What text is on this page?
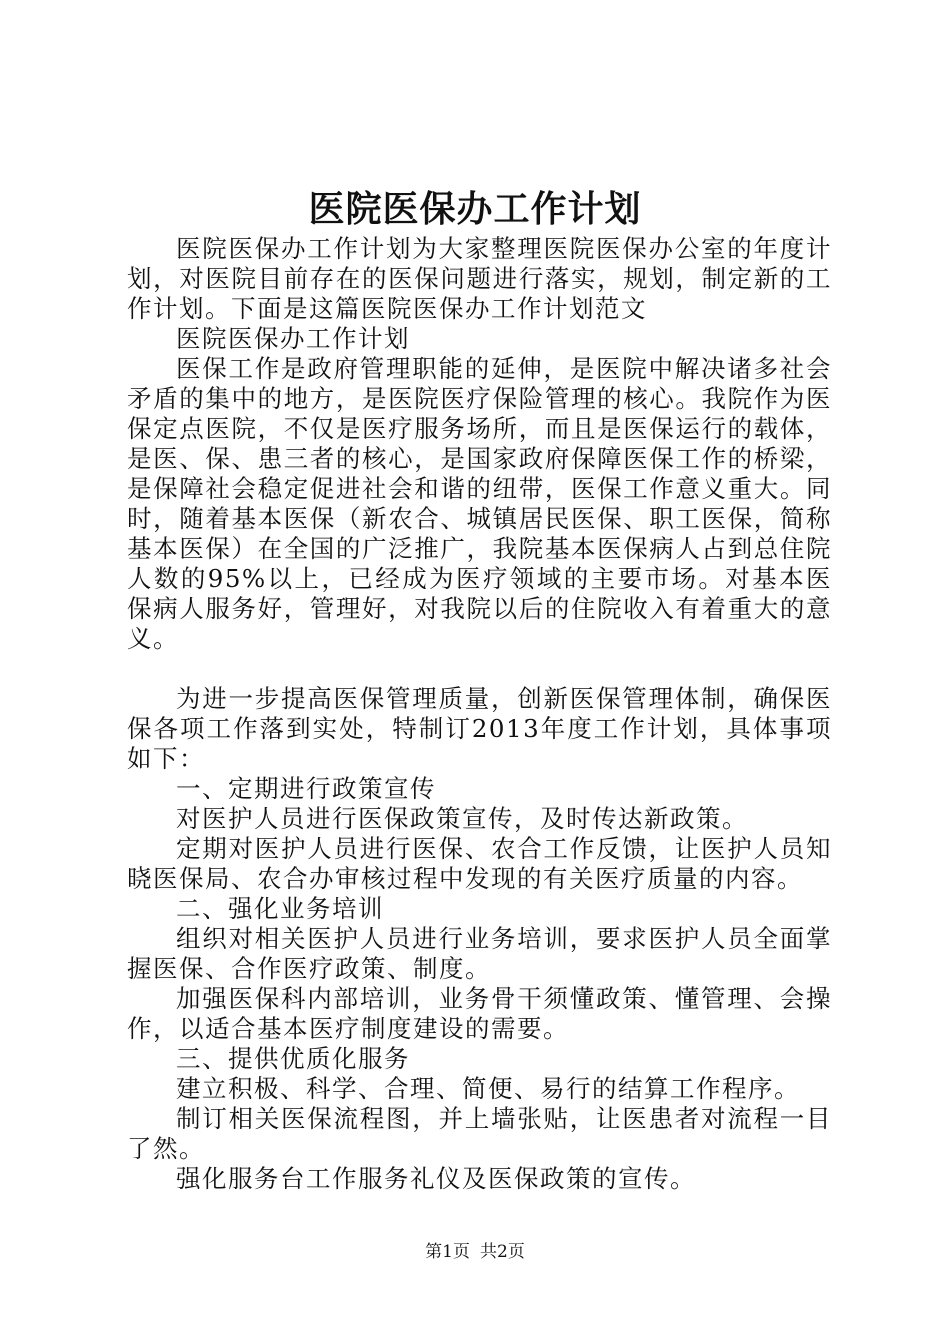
医院医保办工作计划

医院医保办工作计划为大家整理医院医保办公室的年度计划，对医院目前存在的医保问题进行落实，规划，制定新的工作计划。下面是这篇医院医保办工作计划范文

医院医保办工作计划

医保工作是政府管理职能的延伸，是医院中解决诸多社会矛盾的集中的地方，是医院医疗保险管理的核心。我院作为医保定点医院，不仅是医疗服务场所，而且是医保运行的载体，是医、保、患三者的核心，是国家政府保障医保工作的桥梁，是保障社会稳定促进社会和谐的纽带，医保工作意义重大。同时，随着基本医保（新农合、城镇居民医保、职工医保，简称基本医保）在全国的广泛推广，我院基本医保病人占到总住院人数的95%以上，已经成为医疗领域的主要市场。对基本医保病人服务好，管理好，对我院以后的住院收入有着重大的意义。

为进一步提高医保管理质量，创新医保管理体制，确保医保各项工作落到实处，特制订2013年度工作计划，具体事项如下：

一、定期进行政策宣传

对医护人员进行医保政策宣传，及时传达新政策。

定期对医护人员进行医保、农合工作反馈，让医护人员知晓医保局、农合办审核过程中发现的有关医疗质量的内容。

二、强化业务培训

组织对相关医护人员进行业务培训，要求医护人员全面掌握医保、合作医疗政策、制度。

加强医保科内部培训，业务骨干须懂政策、懂管理、会操作，以适合基本医疗制度建设的需要。

三、提供优质化服务

建立积极、科学、合理、简便、易行的结算工作程序。

制订相关医保流程图，并上墙张贴，让医患者对流程一目了然。

强化服务台工作服务礼仪及医保政策的宣传。

第1页 共2页
